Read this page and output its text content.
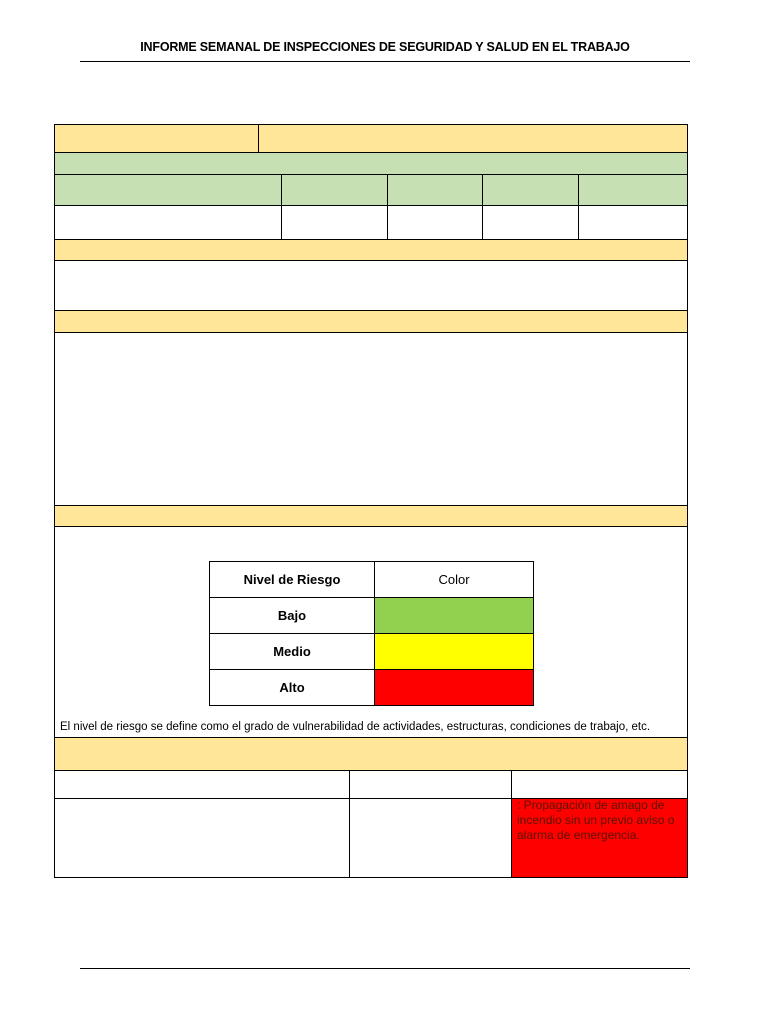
INFORME SEMANAL DE INSPECCIONES DE SEGURIDAD Y SALUD EN EL TRABAJO
Nivel de Riesgo	Color
Bajo	
Medio	
Alto	
El nivel de riesgo se define como el grado de vulnerabilidad de actividades, estructuras, condiciones de trabajo, etc.
: Propagación de amago de incendio sin un previo aviso o alarma de emergencia.
